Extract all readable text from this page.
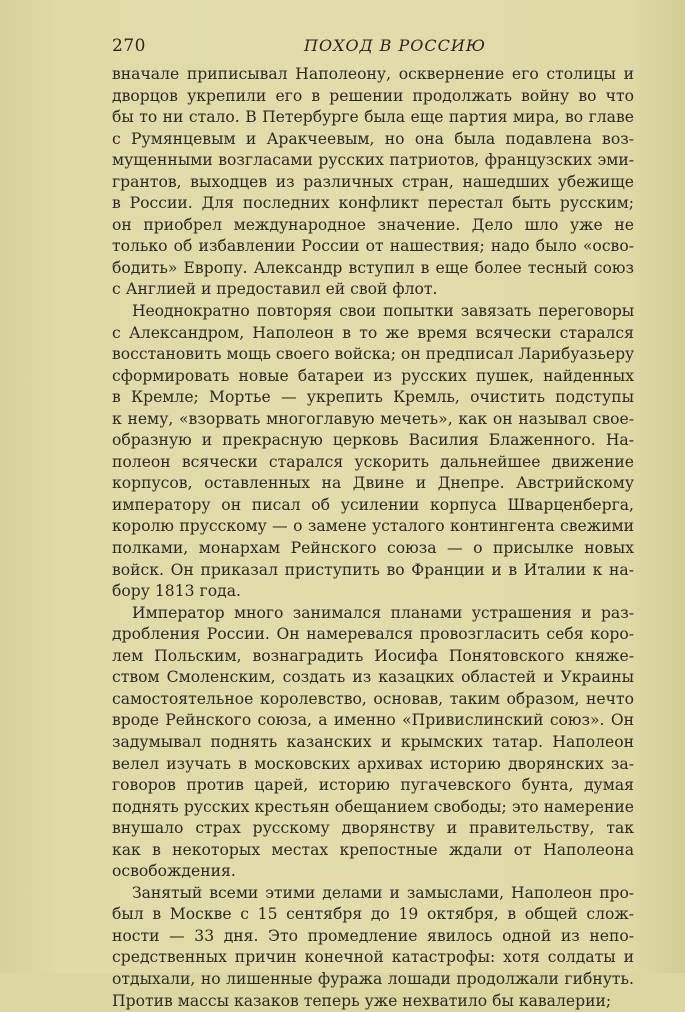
270	ПОХОД В РОССИЮ
вначале приписывал Наполеону, осквернение его столицы и
дворцов укрепили его в решении продолжать войну во что
бы то ни стало. В Петербурге была еще партия мира, во главе
с Румянцевым и Аракчеевым, но она была подавлена воз-
мущенными возгласами русских патриотов, французских эми-
грантов, выходцев из различных стран, нашедших убежище
в России. Для последних конфликт перестал быть русским;
он приобрел международное значение. Дело шло уже не
только об избавлении России от нашествия; надо было «осво-
бодить» Европу. Александр вступил в еще более тесный союз
с Англией и предоставил ей свой флот.
Неоднократно повторяя свои попытки завязать переговоры
с Александром, Наполеон в то же время всячески старался
восстановить мощь своего войска; он предписал Ларибуазьеру
сформировать новые батареи из русских пушек, найденных
в Кремле; Мортье — укрепить Кремль, очистить подступы
к нему, «взорвать многоглавую мечеть», как он называл свое-
образную и прекрасную церковь Василия Блаженного. На-
полеон всячески старался ускорить дальнейшее движение
корпусов, оставленных на Двине и Днепре. Австрийскому
императору он писал об усилении корпуса Шварценберга,
королю прусскому — о замене усталого контингента свежими
полками, монархам Рейнского союза — о присылке новых
войск. Он приказал приступить во Франции и в Италии к на-
бору 1813 года.
Император много занимался планами устрашения и раз-
дробления России. Он намеревался провозгласить себя коро-
лем Польским, вознаградить Иосифа Понятовского княже-
ством Смоленским, создать из казацких областей и Украины
самостоятельное королевство, основав, таким образом, нечто
вроде Рейнского союза, а именно «Привислинский союз». Он
задумывал поднять казанских и крымских татар. Наполеон
велел изучать в московских архивах историю дворянских за-
говоров против царей, историю пугачевского бунта, думая
поднять русских крестьян обещанием свободы; это намерение
внушало страх русскому дворянству и правительству, так
как в некоторых местах крепостные ждали от Наполеона
освобождения.
Занятый всеми этими делами и замыслами, Наполеон про-
был в Москве с 15 сентября до 19 октября, в общей слож-
ности — 33 дня. Это промедление явилось одной из непо-
средственных причин конечной катастрофы: хотя солдаты и
отдыхали, но лишенные фуража лошади продолжали гибнуть.
Против массы казаков теперь уже нехватило бы кавалерии;
